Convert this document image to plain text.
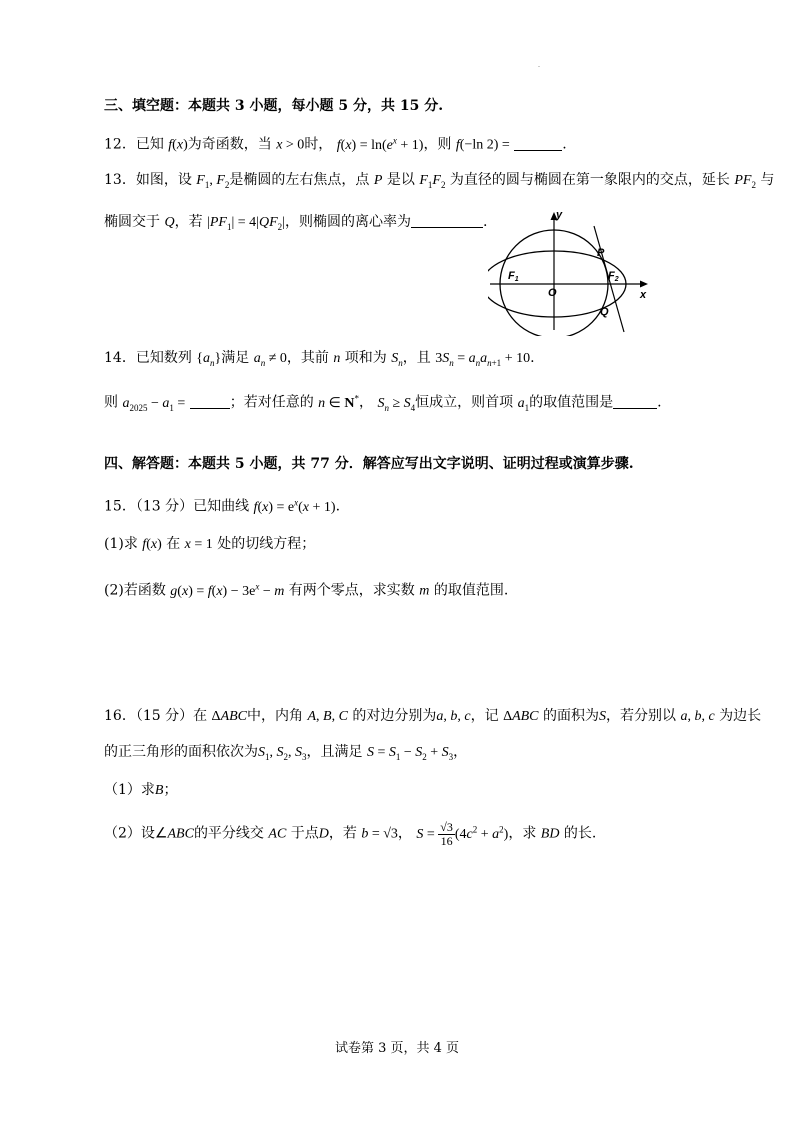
三、填空题：本题共 3 小题，每小题 5 分，共 15 分.
12．已知 f(x)为奇函数，当 x > 0时， $f(x) = \ln(e^x + 1)$，则 f(−ln 2) =	.
13．如图，设 $F_1$, $F_2$是椭圆的左右焦点，点 P 是以 $F_1F_2$ 为直径的圆与椭圆在第一象限内的交点，延长 $PF_2$ 与
椭圆交于 Q，若 $|PF_1| = 4|QF_2|$，则椭圆的离心率为	.	y
x
O
P
Q
F1	F2
14．已知数列 $\{a_n\}$满足 $a_n \ne 0$，其前 n 项和为 $S_n$，且 $3S_n = a_na_{n+1} + 10$.
则 $a_{2025} - a_1$ =	；若对任意的 n ∈ N*， $S_n \ge S_4$恒成立，则首项 $a_1$的取值范围是	.
四、解答题：本题共 5 小题，共 77 分．解答应写出文字说明、证明过程或演算步骤.
15．（13 分）已知曲线 $f(x) = e^x(x + 1)$.
(1)求 f(x) 在 x = 1 处的切线方程；
(2)若函数 $g(x) = f(x) - 3e^x - m$ 有两个零点，求实数 m 的取值范围.
16．（15 分）在 ΔABC中，内角 A, B, C 的对边分别为a, b, c，记 ΔABC 的面积为S，若分别以 a, b, c 为边长
的正三角形的面积依次为$S_1$, $S_2$, $S_3$，且满足 $S = S_1 - S_2 + S_3$，
（1）求B；
（2）设∠ABC的平分线交 AC 于点D，若 b = √3， $S = \frac{√3}{16} (4c^2 + a^2)$，求 BD 的长.
试卷第 3 页，共 4 页
